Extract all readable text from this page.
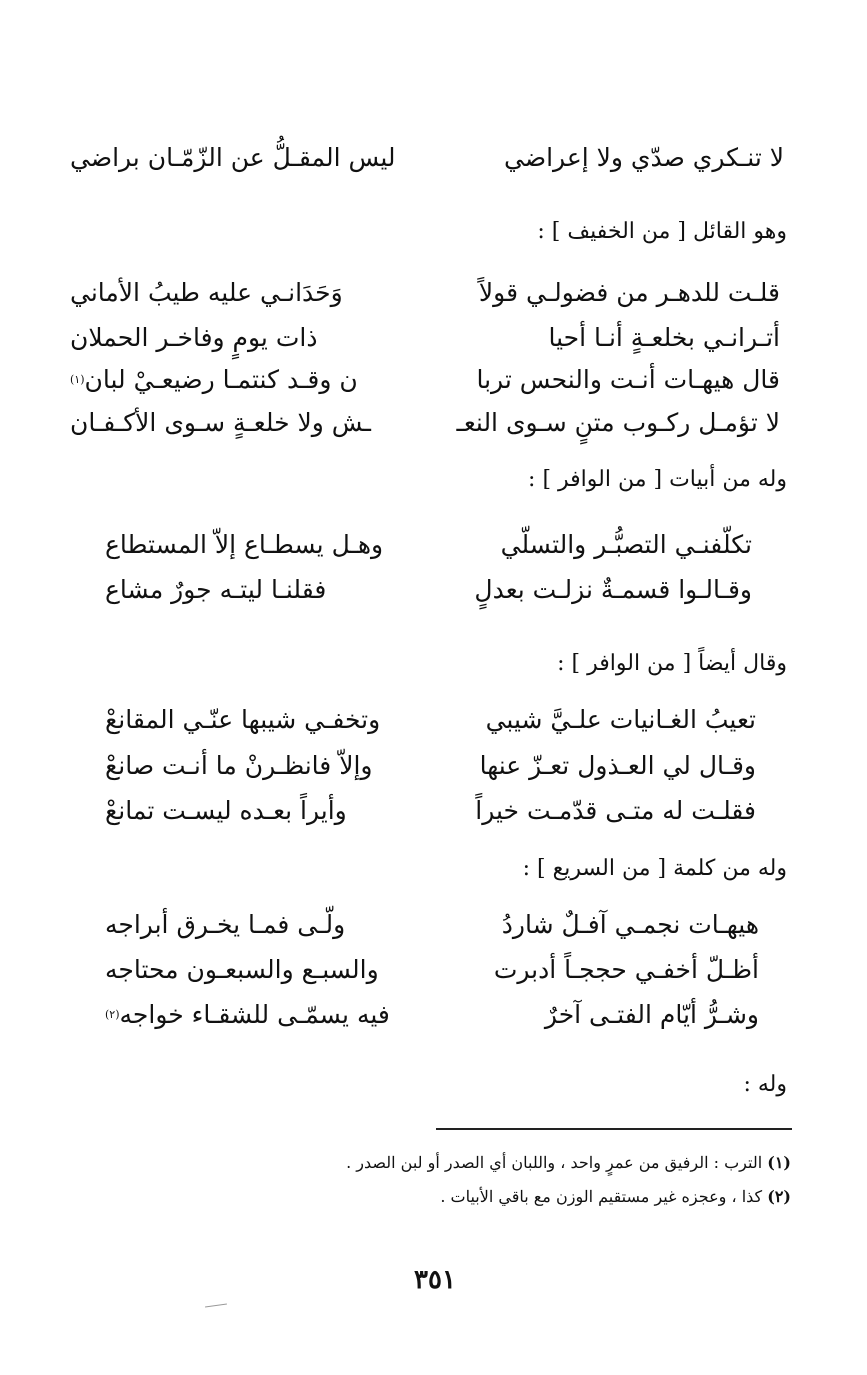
لا تنـكري صدّي ولا إعراضي
ليس المقـلُّ عن الزّمّـان براضي
وهو القائل [ من الخفيف ] :
قلـت للدهـر من فضولـي قولاً
وَحَدَانـي عليه طيبُ الأماني
أتـرانـي بخلعـةٍ أنـا أحيا
ذات يومٍ وفاخـر الحملان
قال هيهـات أنـت والنحس تربا
ن وقـد كنتمـا رضيعـيْ لبان
(١)
لا تؤمـل ركـوب متنٍ سـوى النعـ
ـش ولا خلعـةٍ سـوى الأكـفـان
وله من أبيات [ من الوافر ] :
تكلّفنـي التصبُّـر والتسلّي
وهـل يسطـاع إلاّ المستطاع
وقـالـوا قسمـةٌ نزلـت بعدلٍ
فقلنـا ليتـه جورٌ مشاع
وقال أيضاً [ من الوافر ] :
تعيبُ الغـانيات علـيَّ شيبي
وتخفـي شيبها عنّـي المقانعْ
وقـال لي العـذول تعـزّ عنها
وإلاّ فانظـرنْ ما أنـت صانعْ
فقلـت له متـى قدّمـت خيراً
وأيراً بعـده ليسـت تمانعْ
وله من كلمة [ من السريع ] :
هيهـات نجمـي آفـلٌ شاردُ
ولّـى فمـا يخـرق أبراجه
أظـلّ أخفـي حججـاً أدبرت
والسبـع والسبعـون محتاجه
وشـرُّ أيّام الفتـى آخرٌ
فيه يسمّـى للشقـاء خواجه
(٢)
وله :
(١) الترب : الرفيق من عمرٍ واحد ، واللبان أي الصدر أو لبن الصدر .
(٢) كذا ، وعجزه غير مستقيم الوزن مع باقي الأبيات .
٣٥١
